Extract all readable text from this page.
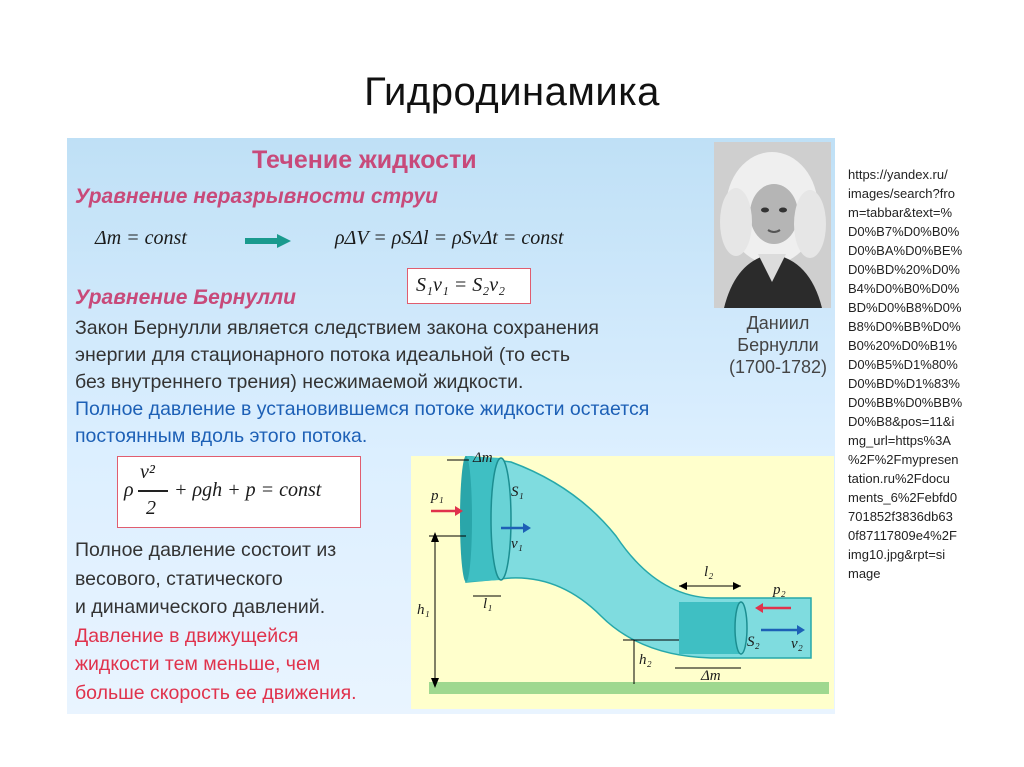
Гидродинамика
Течение жидкости
Уравнение неразрывности струи
Δm = const	ρΔV = ρSΔl = ρSvΔt = const
S₁v₁ = S₂v₂
Уравнение Бернулли
Закон Бернулли является следствием закона сохранения
энергии для стационарного потока идеальной (то есть
без внутреннего трения) несжимаемой жидкости.
Полное давление в установившемся потоке жидкости остается
постоянным вдоль этого потока.
ρ
v²
2
+ ρgh + p = const
Полное давление состоит из
весового, статического
и динамического давлений.
Давление в движущейся
жидкости тем меньше, чем
больше скорость ее движения.
Даниил
Бернулли
(1700-1782)
Δm
p₁	S₁
v₁
l₁
h₁
l₂
p₂
S₂ v₂
h₂
Δm
https://yandex.ru/
images/search?fro
m=tabbar&text=%
D0%B7%D0%B0%
D0%BA%D0%BE%
D0%BD%20%D0%
B4%D0%B0%D0%
BD%D0%B8%D0%
B8%D0%BB%D0%
B0%20%D0%B1%
D0%B5%D1%80%
D0%BD%D1%83%
D0%BB%D0%BB%
D0%B8&pos=11&i
mg_url=https%3A
%2F%2Fmypresen
tation.ru%2Fdocu
ments_6%2Febfd0
701852f3836db63
0f87117809e4%2F
img10.jpg&rpt=si
mage
